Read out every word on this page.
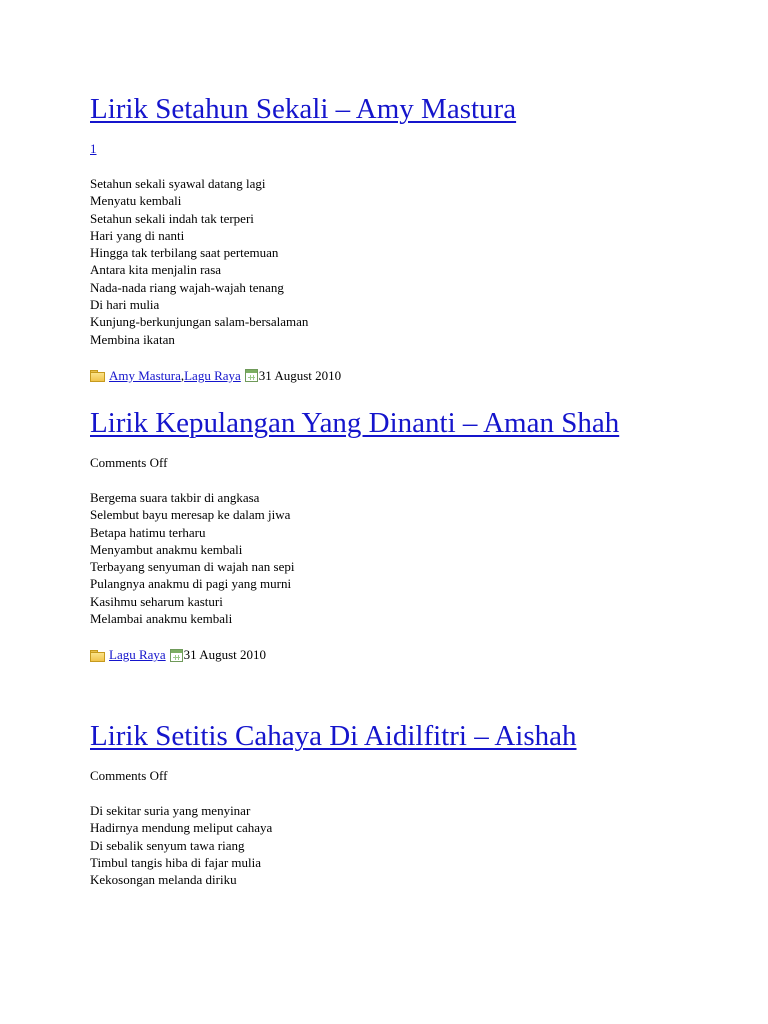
Lirik Setahun Sekali – Amy Mastura
1
Setahun sekali syawal datang lagi
Menyatu kembali
Setahun sekali indah tak terperi
Hari yang di nanti
Hingga tak terbilang saat pertemuan
Antara kita menjalin rasa
Nada-nada riang wajah-wajah tenang
Di hari mulia
Kunjung-berkunjungan salam-bersalaman
Membina ikatan
Amy Mastura , Lagu Raya 31 August 2010
Lirik Kepulangan Yang Dinanti – Aman Shah
Comments Off
Bergema suara takbir di angkasa
Selembut bayu meresap ke dalam jiwa
Betapa hatimu terharu
Menyambut anakmu kembali
Terbayang senyuman di wajah nan sepi
Pulangnya anakmu di pagi yang murni
Kasihmu seharum kasturi
Melambai anakmu kembali
Lagu Raya 31 August 2010
Lirik Setitis Cahaya Di Aidilfitri – Aishah
Comments Off
Di sekitar suria yang menyinar
Hadirnya mendung meliput cahaya
Di sebalik senyum tawa riang
Timbul tangis hiba di fajar mulia
Kekosongan melanda diriku
